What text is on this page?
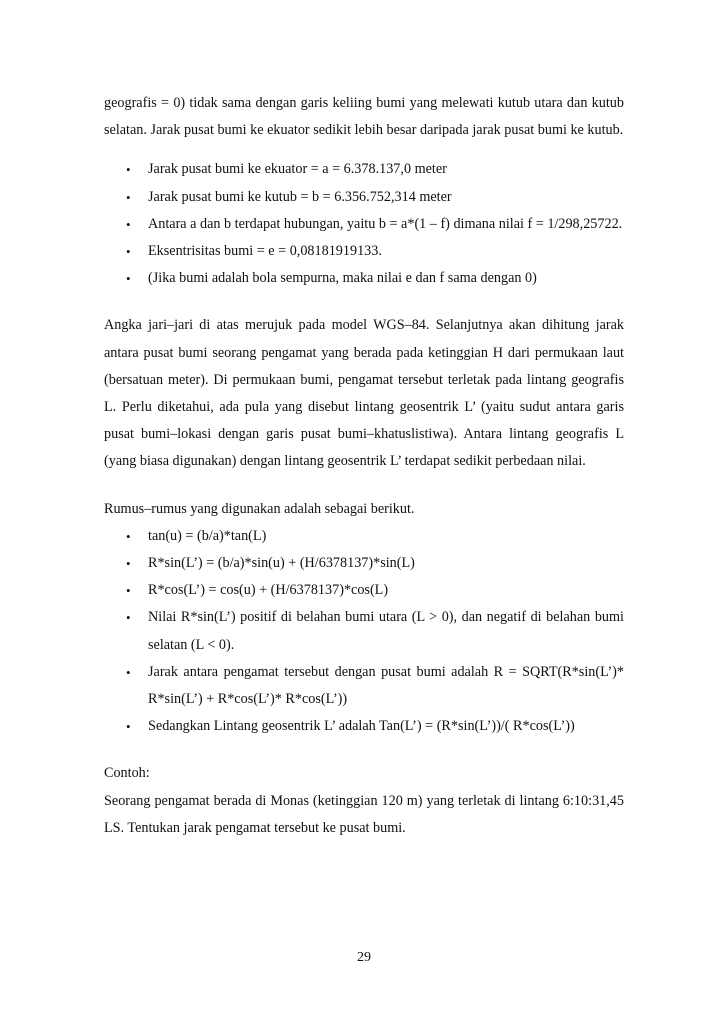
geografis = 0) tidak sama dengan garis keliing bumi yang melewati kutub utara dan kutub selatan. Jarak pusat bumi ke ekuator sedikit lebih besar daripada jarak pusat bumi ke kutub.

• Jarak pusat bumi ke ekuator = a = 6.378.137,0 meter
• Jarak pusat bumi ke kutub = b = 6.356.752,314 meter
• Antara a dan b terdapat hubungan, yaitu b = a*(1 – f) dimana nilai f = 1/298,25722.
• Eksentrisitas bumi = e = 0,08181919133.
• (Jika bumi adalah bola sempurna, maka nilai e dan f sama dengan 0)

Angka jari–jari di atas merujuk pada model WGS–84. Selanjutnya akan dihitung jarak antara pusat bumi seorang pengamat yang berada pada ketinggian H dari permukaan laut (bersatuan meter). Di permukaan bumi, pengamat tersebut terletak pada lintang geografis L. Perlu diketahui, ada pula yang disebut lintang geosentrik L’ (yaitu sudut antara garis pusat bumi–lokasi dengan garis pusat bumi–khatuslistiwa). Antara lintang geografis L (yang biasa digunakan) dengan lintang geosentrik L’ terdapat sedikit perbedaan nilai.

Rumus–rumus yang digunakan adalah sebagai berikut.

• tan(u) = (b/a)*tan(L)
• R*sin(L’) = (b/a)*sin(u) + (H/6378137)*sin(L)
• R*cos(L’) = cos(u) + (H/6378137)*cos(L)
• Nilai R*sin(L’) positif di belahan bumi utara (L > 0), dan negatif di belahan bumi selatan (L < 0).
• Jarak antara pengamat tersebut dengan pusat bumi adalah R = SQRT(R*sin(L’)* R*sin(L’) + R*cos(L’)* R*cos(L’))
• Sedangkan Lintang geosentrik L’ adalah Tan(L’) = (R*sin(L’))/( R*cos(L’))

Contoh:

Seorang pengamat berada di Monas (ketinggian 120 m) yang terletak di lintang 6:10:31,45 LS. Tentukan jarak pengamat tersebut ke pusat bumi.

29
